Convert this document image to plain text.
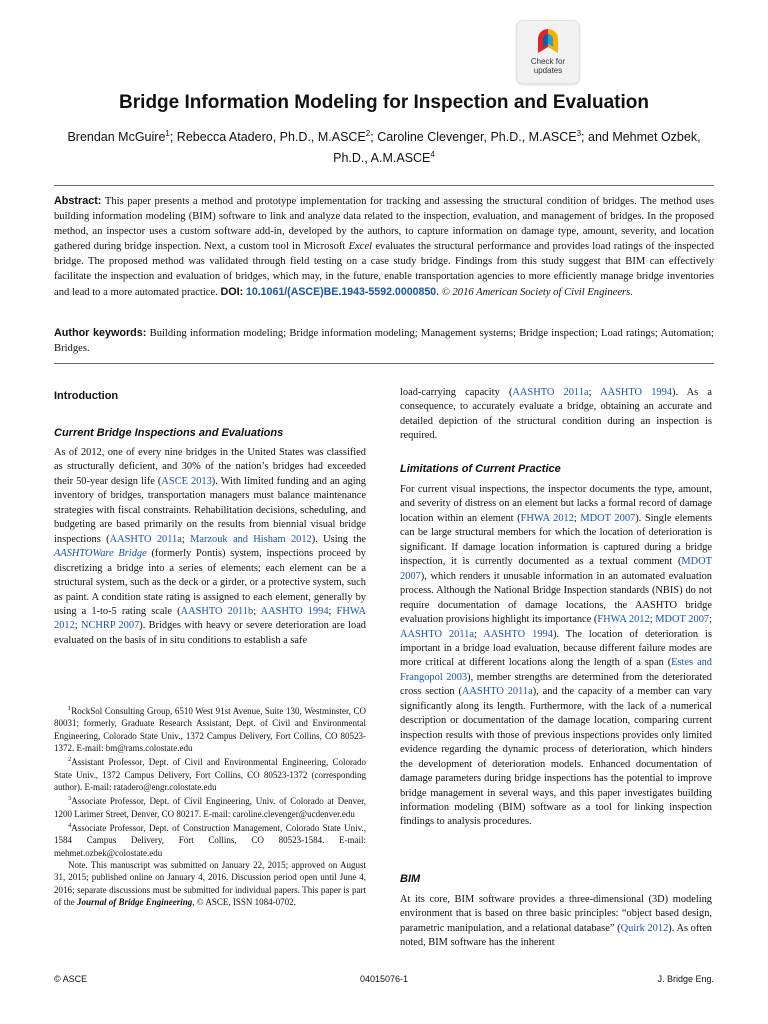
Check for
updates
Bridge Information Modeling for Inspection and Evaluation
Brendan McGuire$^1$; Rebecca Atadero, Ph.D., M.ASCE$^2$; Caroline Clevenger, Ph.D., M.ASCE$^3$; and Mehmet Ozbek, Ph.D., A.M.ASCE$^4$
Abstract: This paper presents a method and prototype implementation for tracking and assessing the structural condition of bridges. The method uses building information modeling (BIM) software to link and analyze data related to the inspection, evaluation, and management of bridges. In the proposed method, an inspector uses a custom software add-in, developed by the authors, to capture information on damage type, amount, severity, and location gathered during bridge inspection. Next, a custom tool in Microsoft Excel evaluates the structural performance and provides load ratings of the inspected bridge. The proposed method was validated through field testing on a case study bridge. Findings from this study suggest that BIM can effectively facilitate the inspection and evaluation of bridges, which may, in the future, enable transportation agencies to more efficiently manage bridge inventories and lead to a more automated practice. DOI: 10.1061/(ASCE)BE.1943-5592.0000850. © 2016 American Society of Civil Engineers.
Author keywords: Building information modeling; Bridge information modeling; Management systems; Bridge inspection; Load ratings; Automation; Bridges.
Introduction
Current Bridge Inspections and Evaluations

As of 2012, one of every nine bridges in the United States was classified as structurally deficient, and 30% of the nation’s bridges had exceeded their 50-year design life (ASCE 2013). With limited funding and an aging inventory of bridges, transportation managers must balance maintenance strategies with fiscal constraints. Rehabilitation decisions, scheduling, and budgeting are based primarily on the results from biennial visual bridge inspections (AASHTO 2011a; Marzouk and Hisham 2012). Using the AASHTOWare Bridge (formerly Pontis) system, inspections proceed by discretizing a bridge into a series of elements; each element can be a structural system, such as the deck or a girder, or a protective system, such as paint. A condition state rating is assigned to each element, generally by using a 1-to-5 rating scale (AASHTO 2011b; AASHTO 1994; FHWA 2012; NCHRP 2007). Bridges with heavy or severe deterioration are load evaluated on the basis of in situ conditions to establish a safe

$^1$RockSol Consulting Group, 6510 West 91st Avenue, Suite 130, Westminster, CO 80031; formerly, Graduate Research Assistant, Dept. of Civil and Environmental Engineering, Colorado State Univ., 1372 Campus Delivery, Fort Collins, CO 80523-1372. E-mail: bm@rams.colostate.edu

$^2$Assistant Professor, Dept. of Civil and Environmental Engineering, Colorado State Univ., 1372 Campus Delivery, Fort Collins, CO 80523-1372 (corresponding author). E-mail: ratadero@engr.colostate.edu

$^3$Associate Professor, Dept. of Civil Engineering, Univ. of Colorado at Denver, 1200 Larimer Street, Denver, CO 80217. E-mail: caroline.clevenger@ucdenver.edu

$^4$Associate Professor, Dept. of Construction Management, Colorado State Univ., 1584 Campus Delivery, Fort Collins, CO 80523-1584. E-mail: mehmet.ozbek@colostate.edu

Note. This manuscript was submitted on January 22, 2015; approved on August 31, 2015; published online on January 4, 2016. Discussion period open until June 4, 2016; separate discussions must be submitted for individual papers. This paper is part of the Journal of Bridge Engineering, © ASCE, ISSN 1084-0702.

load-carrying capacity (AASHTO 2011a; AASHTO 1994). As a consequence, to accurately evaluate a bridge, obtaining an accurate and detailed depiction of the structural condition during an inspection is required.

Limitations of Current Practice

For current visual inspections, the inspector documents the type, amount, and severity of distress on an element but lacks a formal record of damage location within an element (FHWA 2012; MDOT 2007). Single elements can be large structural members for which the location of deterioration is significant. If damage location information is captured during a bridge inspection, it is currently documented as a textual comment (MDOT 2007), which renders it unusable information in an automated evaluation process. Although the National Bridge Inspection standards (NBIS) do not require documentation of damage locations, the AASHTO bridge evaluation provisions highlight its importance (FHWA 2012; MDOT 2007; AASHTO 2011a; AASHTO 1994). The location of deterioration is important in a bridge load evaluation, because different failure modes are more critical at different locations along the length of a span (Estes and Frangopol 2003), member strengths are determined from the deteriorated cross section (AASHTO 2011a), and the capacity of a member can vary significantly along its length. Furthermore, with the lack of a numerical description or documentation of the damage location, comparing current inspection results with those of previous inspections provides only limited evidence regarding the dynamic process of deterioration, which hinders the development of deterioration models. Enhanced documentation of damage parameters during bridge inspections has the potential to improve bridge management in several ways, and this paper investigates building information modeling (BIM) software as a tool for linking inspection findings to analysis procedures.

BIM

At its core, BIM software provides a three-dimensional (3D) modeling environment that is based on three basic principles: “object based design, parametric manipulation, and a relational database” (Quirk 2012). As often noted, BIM software has the inherent

© ASCE	04015076-1	J. Bridge Eng.
